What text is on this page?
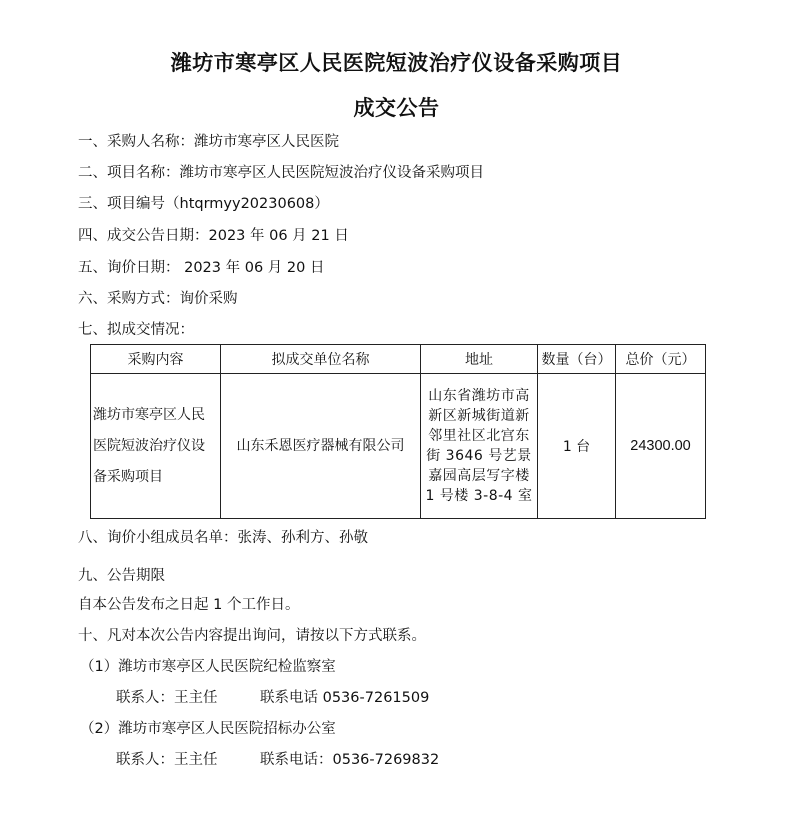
潍坊市寒亭区人民医院短波治疗仪设备采购项目
成交公告
一、采购人名称：潍坊市寒亭区人民医院
二、项目名称：潍坊市寒亭区人民医院短波治疗仪设备采购项目
三、项目编号（htqrmyy20230608）
四、成交公告日期：2023 年 06 月 21 日
五、询价日期： 2023 年 06 月 20 日
六、采购方式：询价采购
七、拟成交情况：
采购内容	拟成交单位名称	地址	数量（台）	总价（元）
潍坊市寒亭区人民医院短波治疗仪设备采购项目	山东禾恩医疗器械有限公司	山东省潍坊市高新区新城街道新邻里社区北宫东街 3646 号艺景嘉园高层写字楼 1 号楼 3-8-4 室	1 台	24300.00
八、询价小组成员名单：张涛、孙利方、孙敬
九、公告期限
自本公告发布之日起 1 个工作日。
十、凡对本次公告内容提出询问，请按以下方式联系。
（1）潍坊市寒亭区人民医院纪检监察室
联系人：王主任	联系电话 0536-7261509
（2）潍坊市寒亭区人民医院招标办公室
联系人：王主任	联系电话：0536-7269832
